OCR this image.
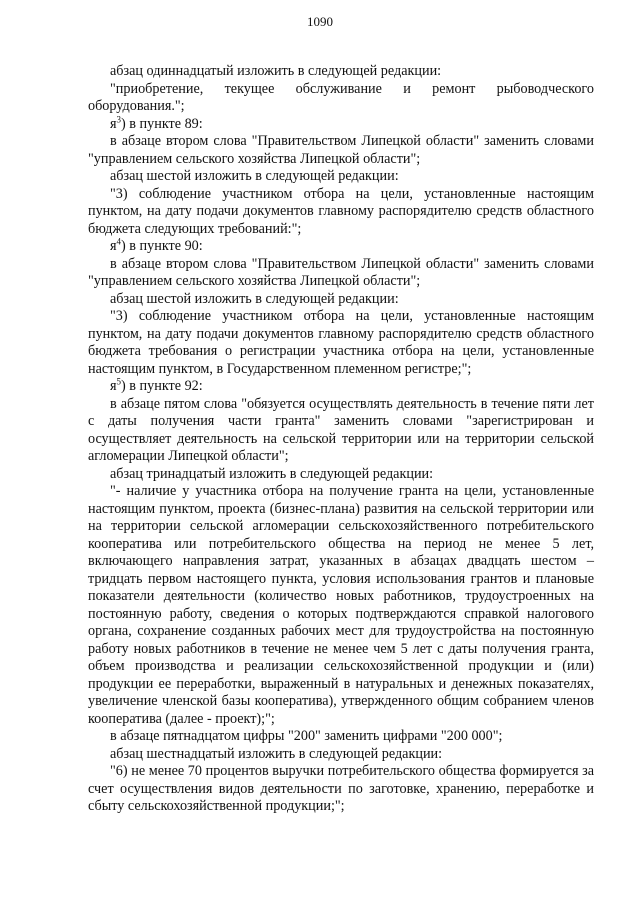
1090

абзац одиннадцатый изложить в следующей редакции:

"приобретение, текущее обслуживание и ремонт рыбоводческого оборудования.";

$я^3$) в пункте 89:

в абзаце втором слова "Правительством Липецкой области" заменить словами "управлением сельского хозяйства Липецкой области";

абзац шестой изложить в следующей редакции:

"3) соблюдение участником отбора на цели, установленные настоящим пунктом, на дату подачи документов главному распорядителю средств областного бюджета следующих требований:";

$я^4$) в пункте 90:

в абзаце втором слова "Правительством Липецкой области" заменить словами "управлением сельского хозяйства Липецкой области";

абзац шестой изложить в следующей редакции:

"3) соблюдение участником отбора на цели, установленные настоящим пунктом, на дату подачи документов главному распорядителю средств областного бюджета требования о регистрации участника отбора на цели, установленные настоящим пунктом, в Государственном племенном регистре;";

$я^5$) в пункте 92:

в абзаце пятом слова "обязуется осуществлять деятельность в течение пяти лет с даты получения части гранта" заменить словами "зарегистрирован и осуществляет деятельность на сельской территории или на территории сельской агломерации Липецкой области";

абзац тринадцатый изложить в следующей редакции:

"- наличие у участника отбора на получение гранта на цели, установленные настоящим пунктом, проекта (бизнес-плана) развития на сельской территории или на территории сельской агломерации сельскохозяйственного потребительского кооператива или потребительского общества на период не менее 5 лет, включающего направления затрат, указанных в абзацах двадцать шестом – тридцать первом настоящего пункта, условия использования грантов и плановые показатели деятельности (количество новых работников, трудоустроенных на постоянную работу, сведения о которых подтверждаются справкой налогового органа, сохранение созданных рабочих мест для трудоустройства на постоянную работу новых работников в течение не менее чем 5 лет с даты получения гранта, объем производства и реализации сельскохозяйственной продукции и (или) продукции ее переработки, выраженный в натуральных и денежных показателях, увеличение членской базы кооператива), утвержденного общим собранием членов кооператива (далее - проект);";

в абзаце пятнадцатом цифры "200" заменить цифрами "200 000";

абзац шестнадцатый изложить в следующей редакции:

"6) не менее 70 процентов выручки потребительского общества формируется за счет осуществления видов деятельности по заготовке, хранению, переработке и сбыту сельскохозяйственной продукции;";
